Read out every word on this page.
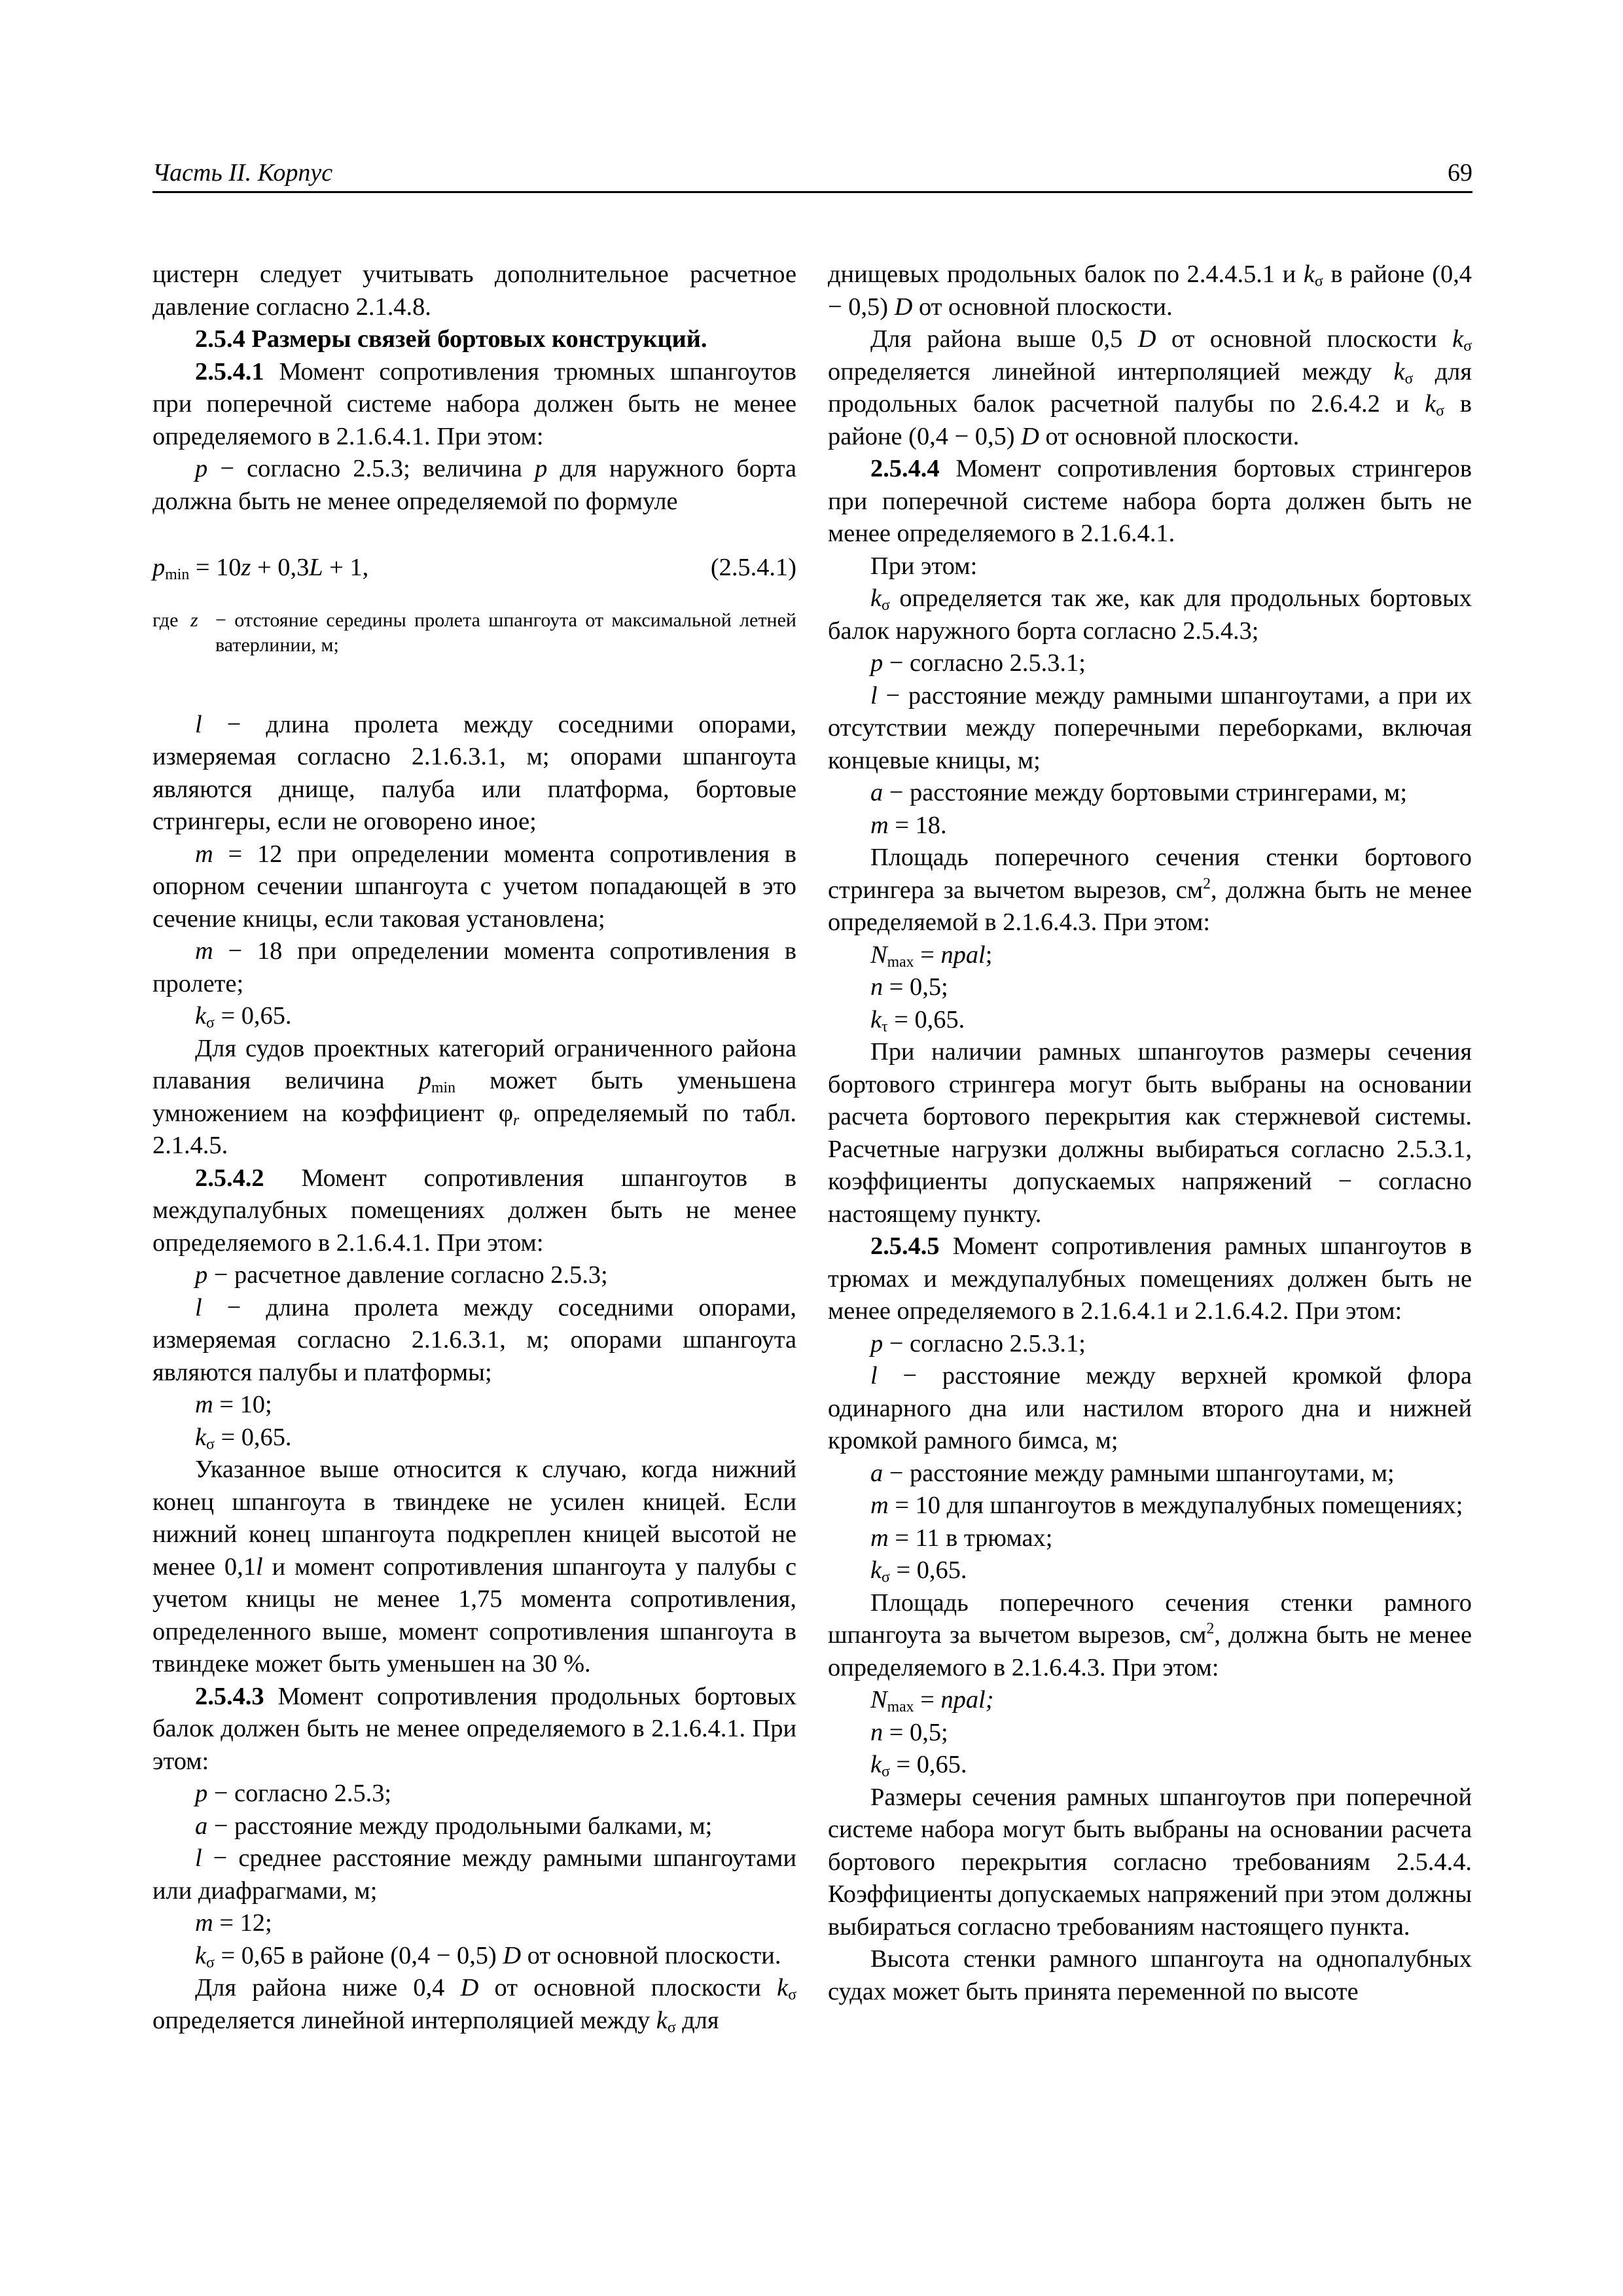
Часть II. Корпус	69

цистерн следует учитывать дополнительное расчетное давление согласно 2.1.4.8.

2.5.4 Размеры связей бортовых конструкций.

2.5.4.1 Момент сопротивления трюмных шпангоутов при поперечной системе набора должен быть не менее определяемого в 2.1.6.4.1. При этом:

p − согласно 2.5.3; величина p для наружного борта должна быть не менее определяемой по формуле

$p_{min} = 10z + 0,3L + 1$,	(2.5.4.1)
где z − отстояние середины пролета шпангоута от максимальной летней ватерлинии, м;

l − длина пролета между соседними опорами, измеряемая согласно 2.1.6.3.1, м; опорами шпангоута являются днище, палуба или платформа, бортовые стрингеры, если не оговорено иное;

m = 12 при определении момента сопротивления в опорном сечении шпангоута с учетом попадающей в это сечение кницы, если таковая установлена;

m − 18 при определении момента сопротивления в пролете;

$k_\sigma = 0,65$.

Для судов проектных категорий ограниченного района плавания величина $p_{min}$ может быть уменьшена умножением на коэффициент $\varphi_r$ определяемый по табл. 2.1.4.5.

2.5.4.2 Момент сопротивления шпангоутов в междупалубных помещениях должен быть не менее определяемого в 2.1.6.4.1. При этом:

p − расчетное давление согласно 2.5.3;

l − длина пролета между соседними опорами, измеряемая согласно 2.1.6.3.1, м; опорами шпангоута являются палубы и платформы;

m = 10;

$k_\sigma = 0,65$.

Указанное выше относится к случаю, когда нижний конец шпангоута в твиндеке не усилен кницей. Если нижний конец шпангоута подкреплен кницей высотой не менее 0,1l и момент сопротивления шпангоута у палубы с учетом кницы не менее 1,75 момента сопротивления, определенного выше, момент сопротивления шпангоута в твиндеке может быть уменьшен на 30 %.

2.5.4.3 Момент сопротивления продольных бортовых балок должен быть не менее определяемого в 2.1.6.4.1. При этом:

p − согласно 2.5.3;

a − расстояние между продольными балками, м;

l − среднее расстояние между рамными шпангоутами или диафрагмами, м;

m = 12;

$k_\sigma = 0,65$ в районе (0,4 − 0,5) D от основной плоскости.

Для района ниже 0,4 D от основной плоскости $k_\sigma$ определяется линейной интерполяцией между $k_\sigma$ для

днищевых продольных балок по 2.4.4.5.1 и $k_\sigma$ в районе (0,4 − 0,5) D от основной плоскости.

Для района выше 0,5 D от основной плоскости $k_\sigma$ определяется линейной интерполяцией между $k_\sigma$ для продольных балок расчетной палубы по 2.6.4.2 и $k_\sigma$ в районе (0,4 − 0,5) D от основной плоскости.

2.5.4.4 Момент сопротивления бортовых стрингеров при поперечной системе набора борта должен быть не менее определяемого в 2.1.6.4.1.

При этом:

$k_\sigma$ определяется так же, как для продольных бортовых балок наружного борта согласно 2.5.4.3;

p − согласно 2.5.3.1;

l − расстояние между рамными шпангоутами, а при их отсутствии между поперечными переборками, включая концевые кницы, м;

a − расстояние между бортовыми стрингерами, м;

m = 18.

Площадь поперечного сечения стенки бортового стрингера за вычетом вырезов, $см^2$, должна быть не менее определяемой в 2.1.6.4.3. При этом:

$N_{max}$ = npal;

n = 0,5;

$k_\tau = 0,65$.

При наличии рамных шпангоутов размеры сечения бортового стрингера могут быть выбраны на основании расчета бортового перекрытия как стержневой системы. Расчетные нагрузки должны выбираться согласно 2.5.3.1, коэффициенты допускаемых напряжений − согласно настоящему пункту.

2.5.4.5 Момент сопротивления рамных шпангоутов в трюмах и междупалубных помещениях должен быть не менее определяемого в 2.1.6.4.1 и 2.1.6.4.2. При этом:

p − согласно 2.5.3.1;

l − расстояние между верхней кромкой флора одинарного дна или настилом второго дна и нижней кромкой рамного бимса, м;

a − расстояние между рамными шпангоутами, м;

m = 10 для шпангоутов в междупалубных помещениях;

m = 11 в трюмах;

$k_\sigma = 0,65$.

Площадь поперечного сечения стенки рамного шпангоута за вычетом вырезов, $см^2$, должна быть не менее определяемого в 2.1.6.4.3. При этом:

$N_{max}$ = npal;

n = 0,5;

$k_\sigma = 0,65$.

Размеры сечения рамных шпангоутов при поперечной системе набора могут быть выбраны на основании расчета бортового перекрытия согласно требованиям 2.5.4.4. Коэффициенты допускаемых напряжений при этом должны выбираться согласно требованиям настоящего пункта.

Высота стенки рамного шпангоута на однопалубных судах может быть принята переменной по высоте
